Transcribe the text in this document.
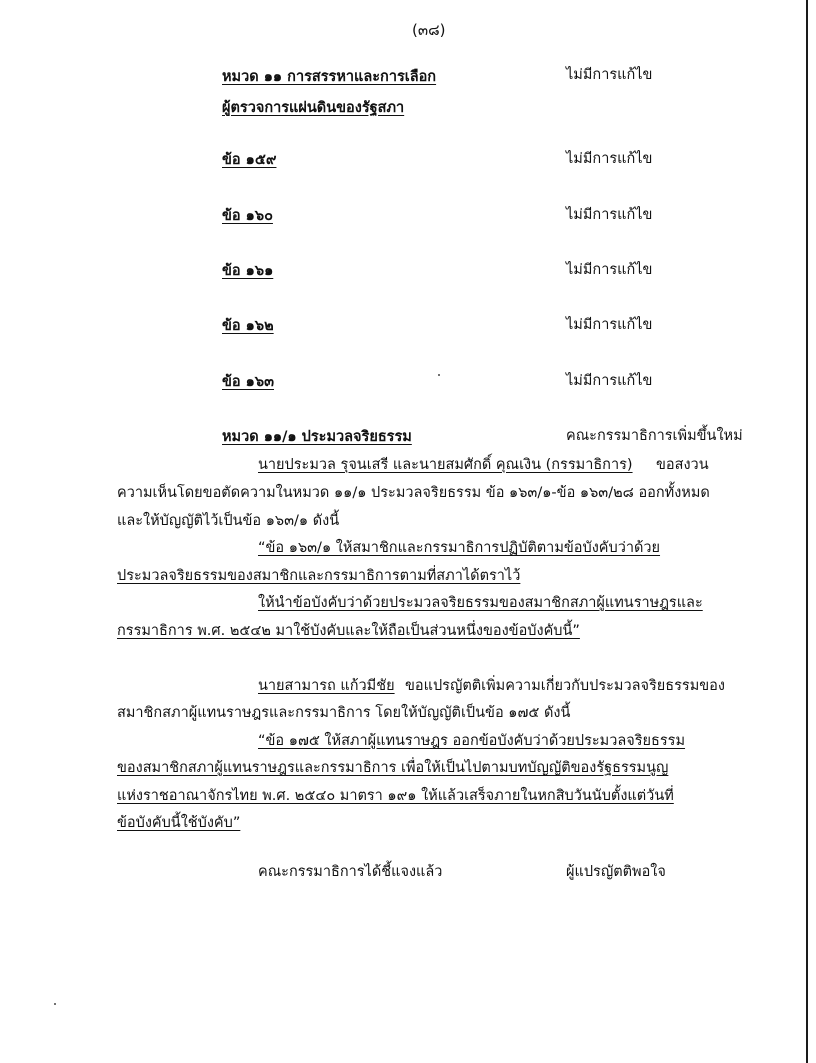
(๓๘)
หมวด ๑๑ การสรรหาและการเลือก
ผู้ตรวจการแผ่นดินของรัฐสภา
ไม่มีการแก้ไข
ข้อ ๑๕๙	ไม่มีการแก้ไข
ข้อ ๑๖๐	ไม่มีการแก้ไข
ข้อ ๑๖๑	ไม่มีการแก้ไข
ข้อ ๑๖๒	ไม่มีการแก้ไข
ข้อ ๑๖๓	ไม่มีการแก้ไข
หมวด ๑๑/๑ ประมวลจริยธรรม	คณะกรรมาธิการเพิ่มขึ้นใหม่
นายประมวล รุจนเสรี และนายสมศักดิ์ คุณเงิน (กรรมาธิการ) ขอสงวน
ความเห็นโดยขอตัดความในหมวด ๑๑/๑ ประมวลจริยธรรม ข้อ ๑๖๓/๑-ข้อ ๑๖๓/๒๘ ออกทั้งหมด
และให้บัญญัติไว้เป็นข้อ ๑๖๓/๑ ดังนี้
“ข้อ ๑๖๓/๑ ให้สมาชิกและกรรมาธิการปฏิบัติตามข้อบังคับว่าด้วย
ประมวลจริยธรรมของสมาชิกและกรรมาธิการตามที่สภาได้ตราไว้
ให้นำข้อบังคับว่าด้วยประมวลจริยธรรมของสมาชิกสภาผู้แทนราษฎรและ
กรรมาธิการ พ.ศ. ๒๕๔๒ มาใช้บังคับและให้ถือเป็นส่วนหนึ่งของข้อบังคับนี้”
นายสามารถ แก้วมีชัย ขอแปรญัตติเพิ่มความเกี่ยวกับประมวลจริยธรรมของ
สมาชิกสภาผู้แทนราษฎรและกรรมาธิการ โดยให้บัญญัติเป็นข้อ ๑๗๕ ดังนี้
“ข้อ ๑๗๕ ให้สภาผู้แทนราษฎร ออกข้อบังคับว่าด้วยประมวลจริยธรรม
ของสมาชิกสภาผู้แทนราษฎรและกรรมาธิการ เพื่อให้เป็นไปตามบทบัญญัติของรัฐธรรมนูญ
แห่งราชอาณาจักรไทย พ.ศ. ๒๕๔๐ มาตรา ๑๙๑ ให้แล้วเสร็จภายในหกสิบวันนับตั้งแต่วันที่
ข้อบังคับนี้ใช้บังคับ”
คณะกรรมาธิการได้ชี้แจงแล้ว	ผู้แปรญัตติพอใจ
